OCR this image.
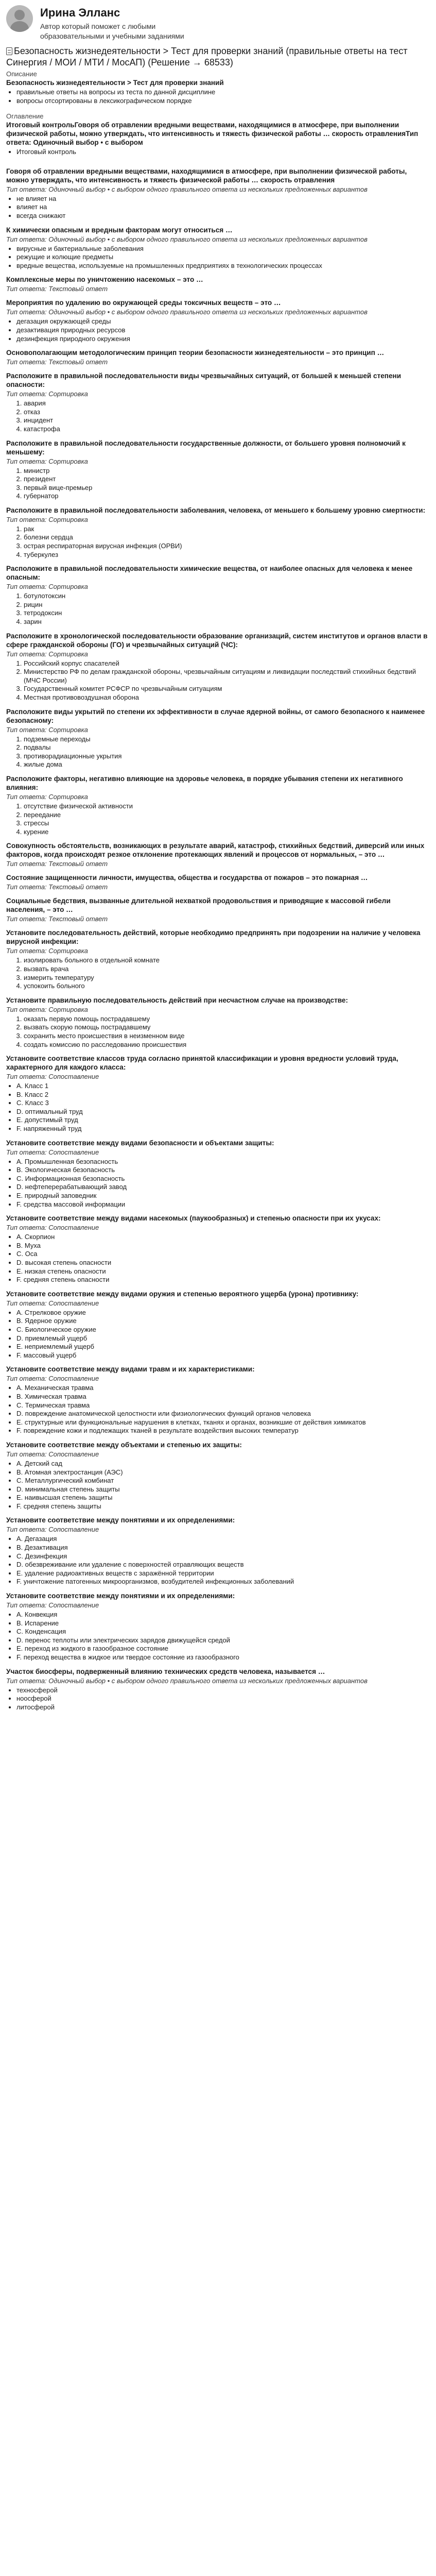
Ирина Элланс
Автор который поможет с любыми образовательными и учебными заданиями
Безопасность жизнедеятельности > Тест для проверки знаний (правильные ответы на тест Синергия / МОИ / МТИ / МосАП) (Решение → 68533)
Описание
Безопасность жизнедеятельности > Тест для проверки знаний
• правильные ответы на вопросы из теста по данной дисциплине
• вопросы отсортированы в лексикографическом порядке
Оглавление
Итоговый контрольГовоpя об отравлении вредными веществами, находящимися в атмосфере, при выполнении физической работы, можно утверждать, что интенсивность и тяжесть физической работы … скорость отравленияТип ответа: Одиночный выбор • с выбором
• Итоговый контроль
Говоpя об отравлении вредными веществами, находящимися в атмосфере, при выполнении физической работы, можно утверждать, что интенсивность и тяжесть физической работы … скорость отравления
Тип ответа: Одиночный выбор • с выбором одного правильного ответа из нескольких предложенных вариантов
• не влияет на
• влияет на
• всегда снижают
К химически опасным и вредным факторам могут относиться …
Тип ответа: Одиночный выбор • с выбором одного правильного ответа из нескольких предложенных вариантов
• вирусные и бактериальные заболевания
• режущие и колющие предметы
• вредные вещества, используемые на промышленных предприятиях в технологических процессах
Комплексные меры по уничтожению насекомых – это …
Тип ответа: Текстовый ответ
Мероприятия по удалению во окружающей среды токсичных веществ – это …
Тип ответа: Одиночный выбор • с выбором одного правильного ответа из нескольких предложенных вариантов
• дегазация окружающей среды
• дезактивация природных ресурсов
• дезинфекция природного окружения
Основополагающим методологическим принцип теории безопасности жизнедеятельности – это принцип …
Тип ответа: Текстовый ответ
Расположите в правильной последовательности виды чрезвычайных ситуаций, от большей к меньшей степени опасности:
Тип ответа: Сортировка
1. авария
2. отказ
3. инцидент
4. катастрофа
Расположите в правильной последовательности государственные должности, от большего уровня полномочий к меньшему:
Тип ответа: Сортировка
1. министр
2. президент
3. первый вице-премьер
4. губернатор
Расположите в правильной последовательности заболевания, человека, от меньшего к большему уровню смертности:
Тип ответа: Сортировка
1. рак
2. болезни сердца
3. острая респираторная вирусная инфекция (ОРВИ)
4. туберкулез
Расположите в правильной последовательности химические вещества, от наиболее опасных для человека к менее опасным:
Тип ответа: Сортировка
1. ботулотоксин
2. рицин
3. тетродоксин
4. зарин
Расположите в хронологической последовательности образование организаций, систем институтов и органов власти в сфере гражданской обороны (ГО) и чрезвычайных ситуаций (ЧС):
Тип ответа: Сортировка
1. Российский корпус спасателей
2. Министерство РФ по делам гражданской обороны, чрезвычайным ситуациям и ликвидации последствий стихийных бедствий (МЧС России)
3. Государственный комитет РСФСР по чрезвычайным ситуациям
4. Местная противовоздушная оборона
Расположите виды укрытий по степени их эффективности в случае ядерной войны, от самого безопасного к наименее безопасному:
Тип ответа: Сортировка
1. подземные переходы
2. подвалы
3. противорадиационные укрытия
4. жилые дома
Расположите факторы, негативно влияющие на здоровье человека, в порядке убывания степени их негативного влияния:
Тип ответа: Сортировка
1. отсутствие физической активности
2. переедание
3. стрессы
4. курение
Совокупность обстоятельств, возникающих в результате аварий, катастроф, стихийных бедствий, диверсий или иных факторов, когда происходят резкое отклонение протекающих явлений и процессов от нормальных, – это …
Тип ответа: Текстовый ответ
Состояние защищенности личности, имущества, общества и государства от пожаров – это пожарная …
Тип ответа: Текстовый ответ
Социальные бедствия, вызванные длительной нехваткой продовольствия и приводящие к массовой гибели населения, – это …
Тип ответа: Текстовый ответ
Установите последовательность действий, которые необходимо предпринять при подозрении на наличие у человека вирусной инфекции:
Тип ответа: Сортировка
1. изолировать больного в отдельной комнате
2. вызвать врача
3. измерить температуру
4. успокоить больного
Установите правильную последовательность действий при несчастном случае на производстве:
Тип ответа: Сортировка
1. оказать первую помощь пострадавшему
2. вызвать скорую помощь пострадавшему
3. сохранить место происшествия в неизменном виде
4. создать комиссию по расследованию происшествия
Установите соответствие классов труда согласно принятой классификации и уровня вредности условий труда, характерного для каждого класса:
Тип ответа: Сопоставление
• A. Класс 1
• B. Класс 2
• C. Класс 3
• D. оптимальный труд
• E. допустимый труд
• F. напряженный труд
Установите соответствие между видами безопасности и объектами защиты:
Тип ответа: Сопоставление
• A. Промышленная безопасность
• B. Экологическая безопасность
• C. Информационная безопасность
• D. нефтеперерабатывающий завод
• E. природный заповедник
• F. средства массовой информации
Установите соответствие между видами насекомых (паукообразных) и степенью опасности при их укусах:
Тип ответа: Сопоставление
• A. Скорпион
• B. Муха
• C. Оса
• D. высокая степень опасности
• E. низкая степень опасности
• F. средняя степень опасности
Установите соответствие между видами оружия и степенью вероятного ущерба (урона) противнику:
Тип ответа: Сопоставление
• A. Стрелковое оружие
• B. Ядерное оружие
• C. Биологическое оружие
• D. приемлемый ущерб
• E. неприемлемый ущерб
• F. массовый ущерб
Установите соответствие между видами травм и их характеристиками:
Тип ответа: Сопоставление
• A. Механическая травма
• B. Химическая травма
• C. Термическая травма
• D. повреждение анатомической целостности или физиологических функций органов человека
• E. структурные или функциональные нарушения в клетках, тканях и органах, возникшие от действия химикатов
• F. повреждение кожи и подлежащих тканей в результате воздействия высоких температур
Установите соответствие между объектами и степенью их защиты:
Тип ответа: Сопоставление
• A. Детский сад
• B. Атомная электростанция (АЭС)
• C. Металлургический комбинат
• D. минимальная степень защиты
• E. наивысшая степень защиты
• F. средняя степень защиты
Установите соответствие между понятиями и их определениями:
Тип ответа: Сопоставление
• A. Дегазация
• B. Дезактивация
• C. Дезинфекция
• D. обезвреживание или удаление с поверхностей отравляющих веществ
• E. удаление радиоактивных веществ с заражённой территории
• F. уничтожение патогенных микроорганизмов, возбудителей инфекционных заболеваний
Установите соответствие между понятиями и их определениями:
Тип ответа: Сопоставление
• A. Конвекция
• B. Испарение
• C. Конденсация
• D. перенос теплоты или электрических зарядов движущейся средой
• E. переход из жидкого в газообразное состояние
• F. переход вещества в жидкое или твердое состояние из газообразного
Участок биосферы, подверженный влиянию технических средств человека, называется …
Тип ответа: Одиночный выбор • с выбором одного правильного ответа из нескольких предложенных вариантов
• техносферой
• ноосферой
• литосферой
